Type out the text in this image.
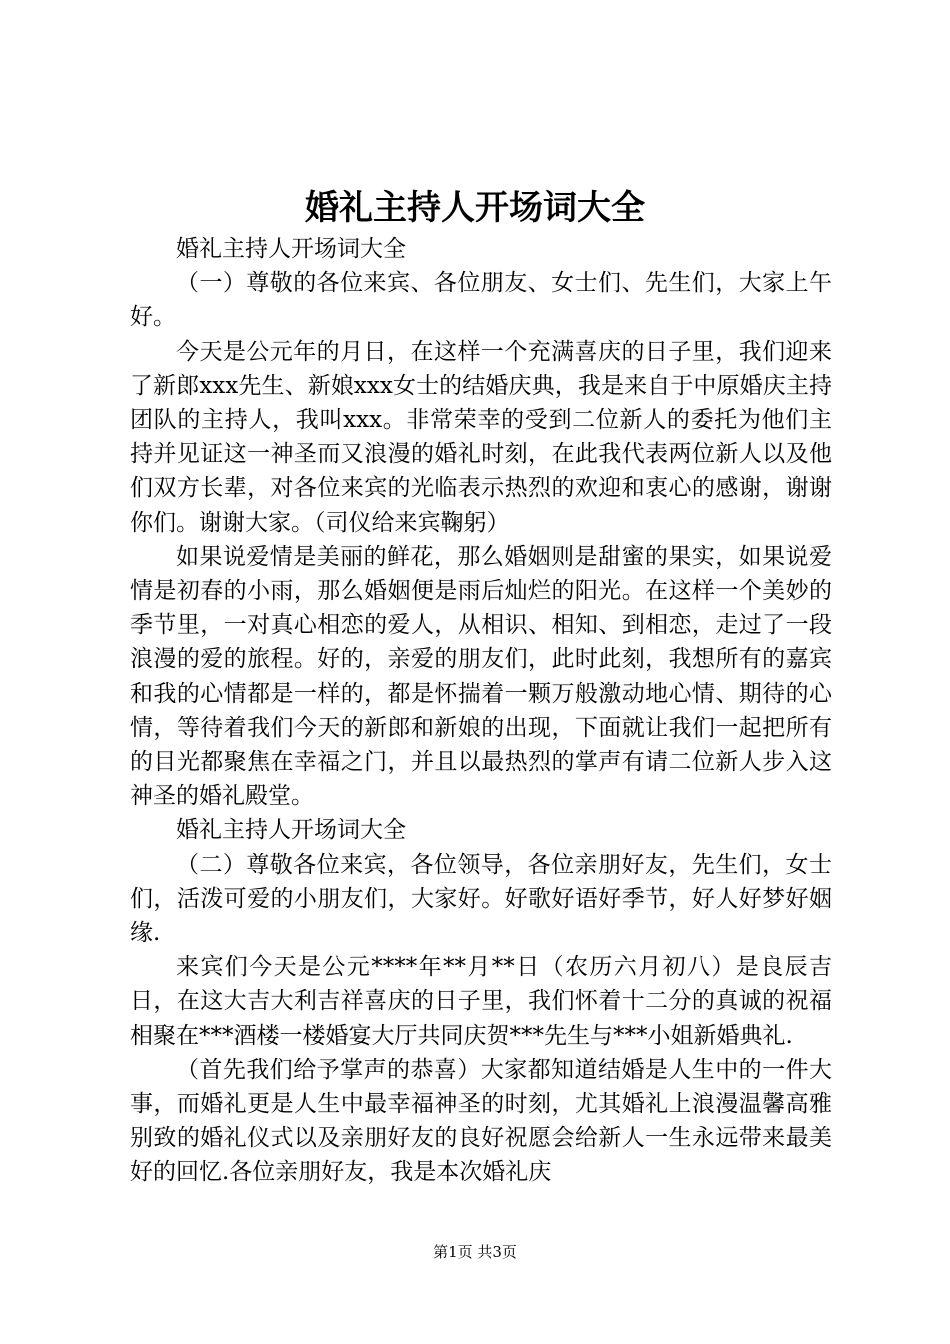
婚礼主持人开场词大全

婚礼主持人开场词大全

（一）尊敬的各位来宾、各位朋友、女士们、先生们，大家上午好。

今天是公元年的月日，在这样一个充满喜庆的日子里，我们迎来了新郎xxx先生、新娘xxx女士的结婚庆典，我是来自于中原婚庆主持团队的主持人，我叫xxx。非常荣幸的受到二位新人的委托为他们主持并见证这一神圣而又浪漫的婚礼时刻，在此我代表两位新人以及他们双方长辈，对各位来宾的光临表示热烈的欢迎和衷心的感谢，谢谢你们。谢谢大家。（司仪给来宾鞠躬）

如果说爱情是美丽的鲜花，那么婚姻则是甜蜜的果实，如果说爱情是初春的小雨，那么婚姻便是雨后灿烂的阳光。在这样一个美妙的季节里，一对真心相恋的爱人，从相识、相知、到相恋，走过了一段浪漫的爱的旅程。好的，亲爱的朋友们，此时此刻，我想所有的嘉宾和我的心情都是一样的，都是怀揣着一颗万般激动地心情、期待的心情，等待着我们今天的新郎和新娘的出现，下面就让我们一起把所有的目光都聚焦在幸福之门，并且以最热烈的掌声有请二位新人步入这神圣的婚礼殿堂。

婚礼主持人开场词大全

（二）尊敬各位来宾，各位领导，各位亲朋好友，先生们，女士们，活泼可爱的小朋友们，大家好。好歌好语好季节，好人好梦好姻缘.

来宾们今天是公元****年**月**日（农历六月初八）是良辰吉日，在这大吉大利吉祥喜庆的日子里，我们怀着十二分的真诚的祝福相聚在***酒楼一楼婚宴大厅共同庆贺***先生与***小姐新婚典礼.

（首先我们给予掌声的恭喜）大家都知道结婚是人生中的一件大事，而婚礼更是人生中最幸福神圣的时刻，尤其婚礼上浪漫温馨高雅别致的婚礼仪式以及亲朋好友的良好祝愿会给新人一生永远带来最美好的回忆.各位亲朋好友，我是本次婚礼庆

第1页 共3页
